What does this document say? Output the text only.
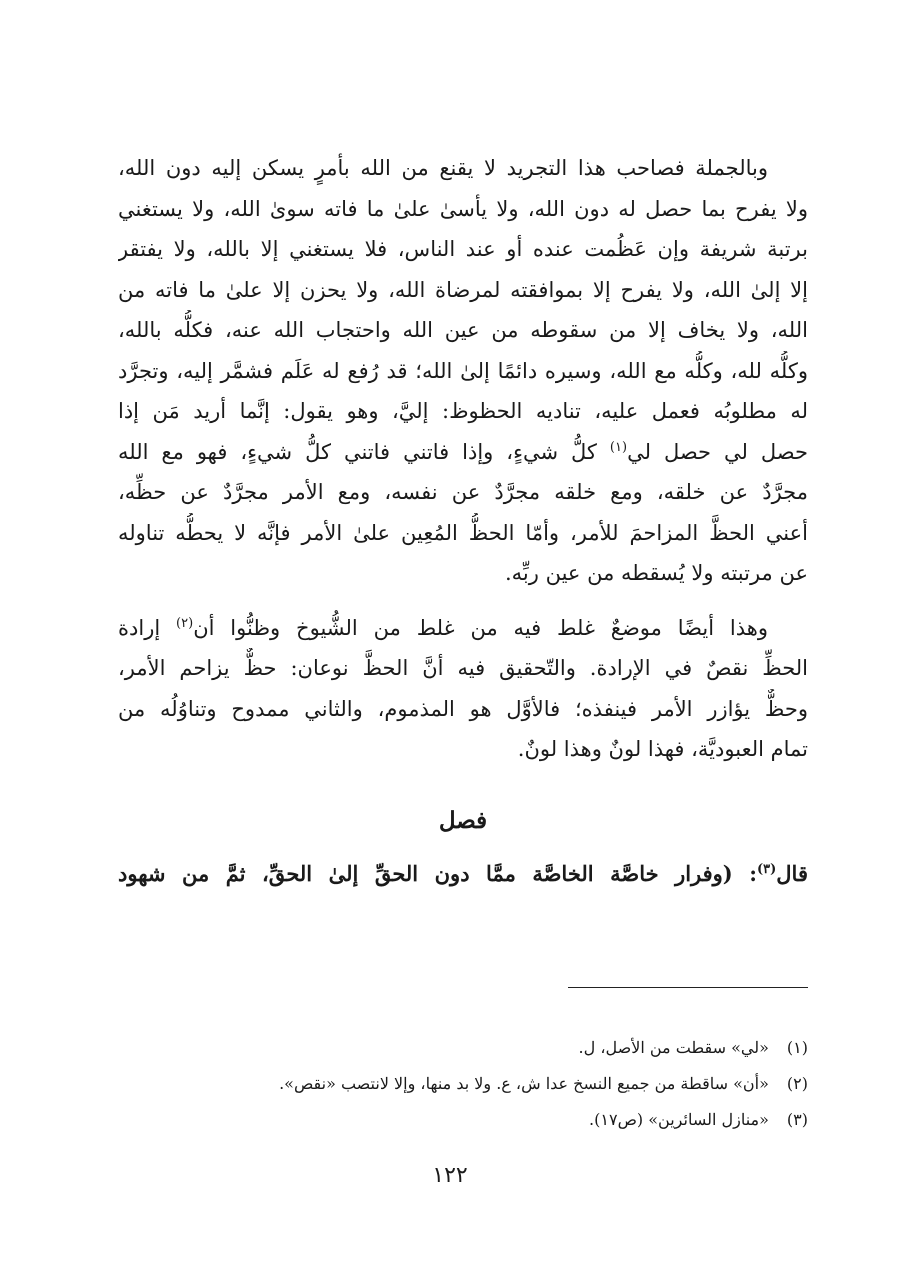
وبالجملة فصاحب هذا التجريد لا يقنع من الله بأمرٍ يسكن إليه دون الله،
ولا يفرح بما حصل له دون الله، ولا يأسىٰ علىٰ ما فاته سوىٰ الله، ولا يستغني
برتبة شريفة وإن عَظُمت عنده أو عند الناس، فلا يستغني إلا بالله، ولا يفتقر
إلا إلىٰ الله، ولا يفرح إلا بموافقته لمرضاة الله، ولا يحزن إلا علىٰ ما فاته من
الله، ولا يخاف إلا من سقوطه من عين الله واحتجاب الله عنه، فكلُّه بالله،
وكلُّه لله، وكلُّه مع الله، وسيره دائمًا إلىٰ الله؛ قد رُفع له عَلَم فشمَّر إليه، وتجرَّد
له مطلوبُه فعمل عليه، تناديه الحظوظ: إليَّ، وهو يقول: إنَّما أريد مَن إذا
حصل لي حصل لي$^{(١)}$ كلُّ شيءٍ، وإذا فاتني فاتني كلُّ شيءٍ، فهو مع الله
مجرَّدٌ عن خلقه، ومع خلقه مجرَّدٌ عن نفسه، ومع الأمر مجرَّدٌ عن حظِّه،
أعني الحظَّ المزاحمَ للأمر، وأمّا الحظُّ المُعِين علىٰ الأمر فإنَّه لا يحطُّه تناوله
عن مرتبته ولا يُسقطه من عين ربِّه.
وهذا أيضًا موضعٌ غلط فيه من غلط من الشُّيوخ وظنُّوا أن$^{(٢)}$ إرادة
الحظِّ نقصٌ في الإرادة. والتّحقيق فيه أنَّ الحظَّ نوعان: حظٌّ يزاحم الأمر،
وحظٌّ يؤازر الأمر فينفذه؛ فالأوَّل هو المذموم، والثاني ممدوح وتناوُلُه من
تمام العبوديَّة، فهذا لونٌ وهذا لونٌ.
فصل
قال$^{(٣)}$: (وفرار خاصَّة الخاصَّة ممَّا دون الحقِّ إلىٰ الحقِّ، ثمَّ من شهود
(١) «لي» سقطت من الأصل، ل.
(٢) «أن» ساقطة من جميع النسخ عدا ش، ع. ولا بد منها، وإلا لانتصب «نقص».
(٣) «منازل السائرين» (ص١٧).
١٢٢
